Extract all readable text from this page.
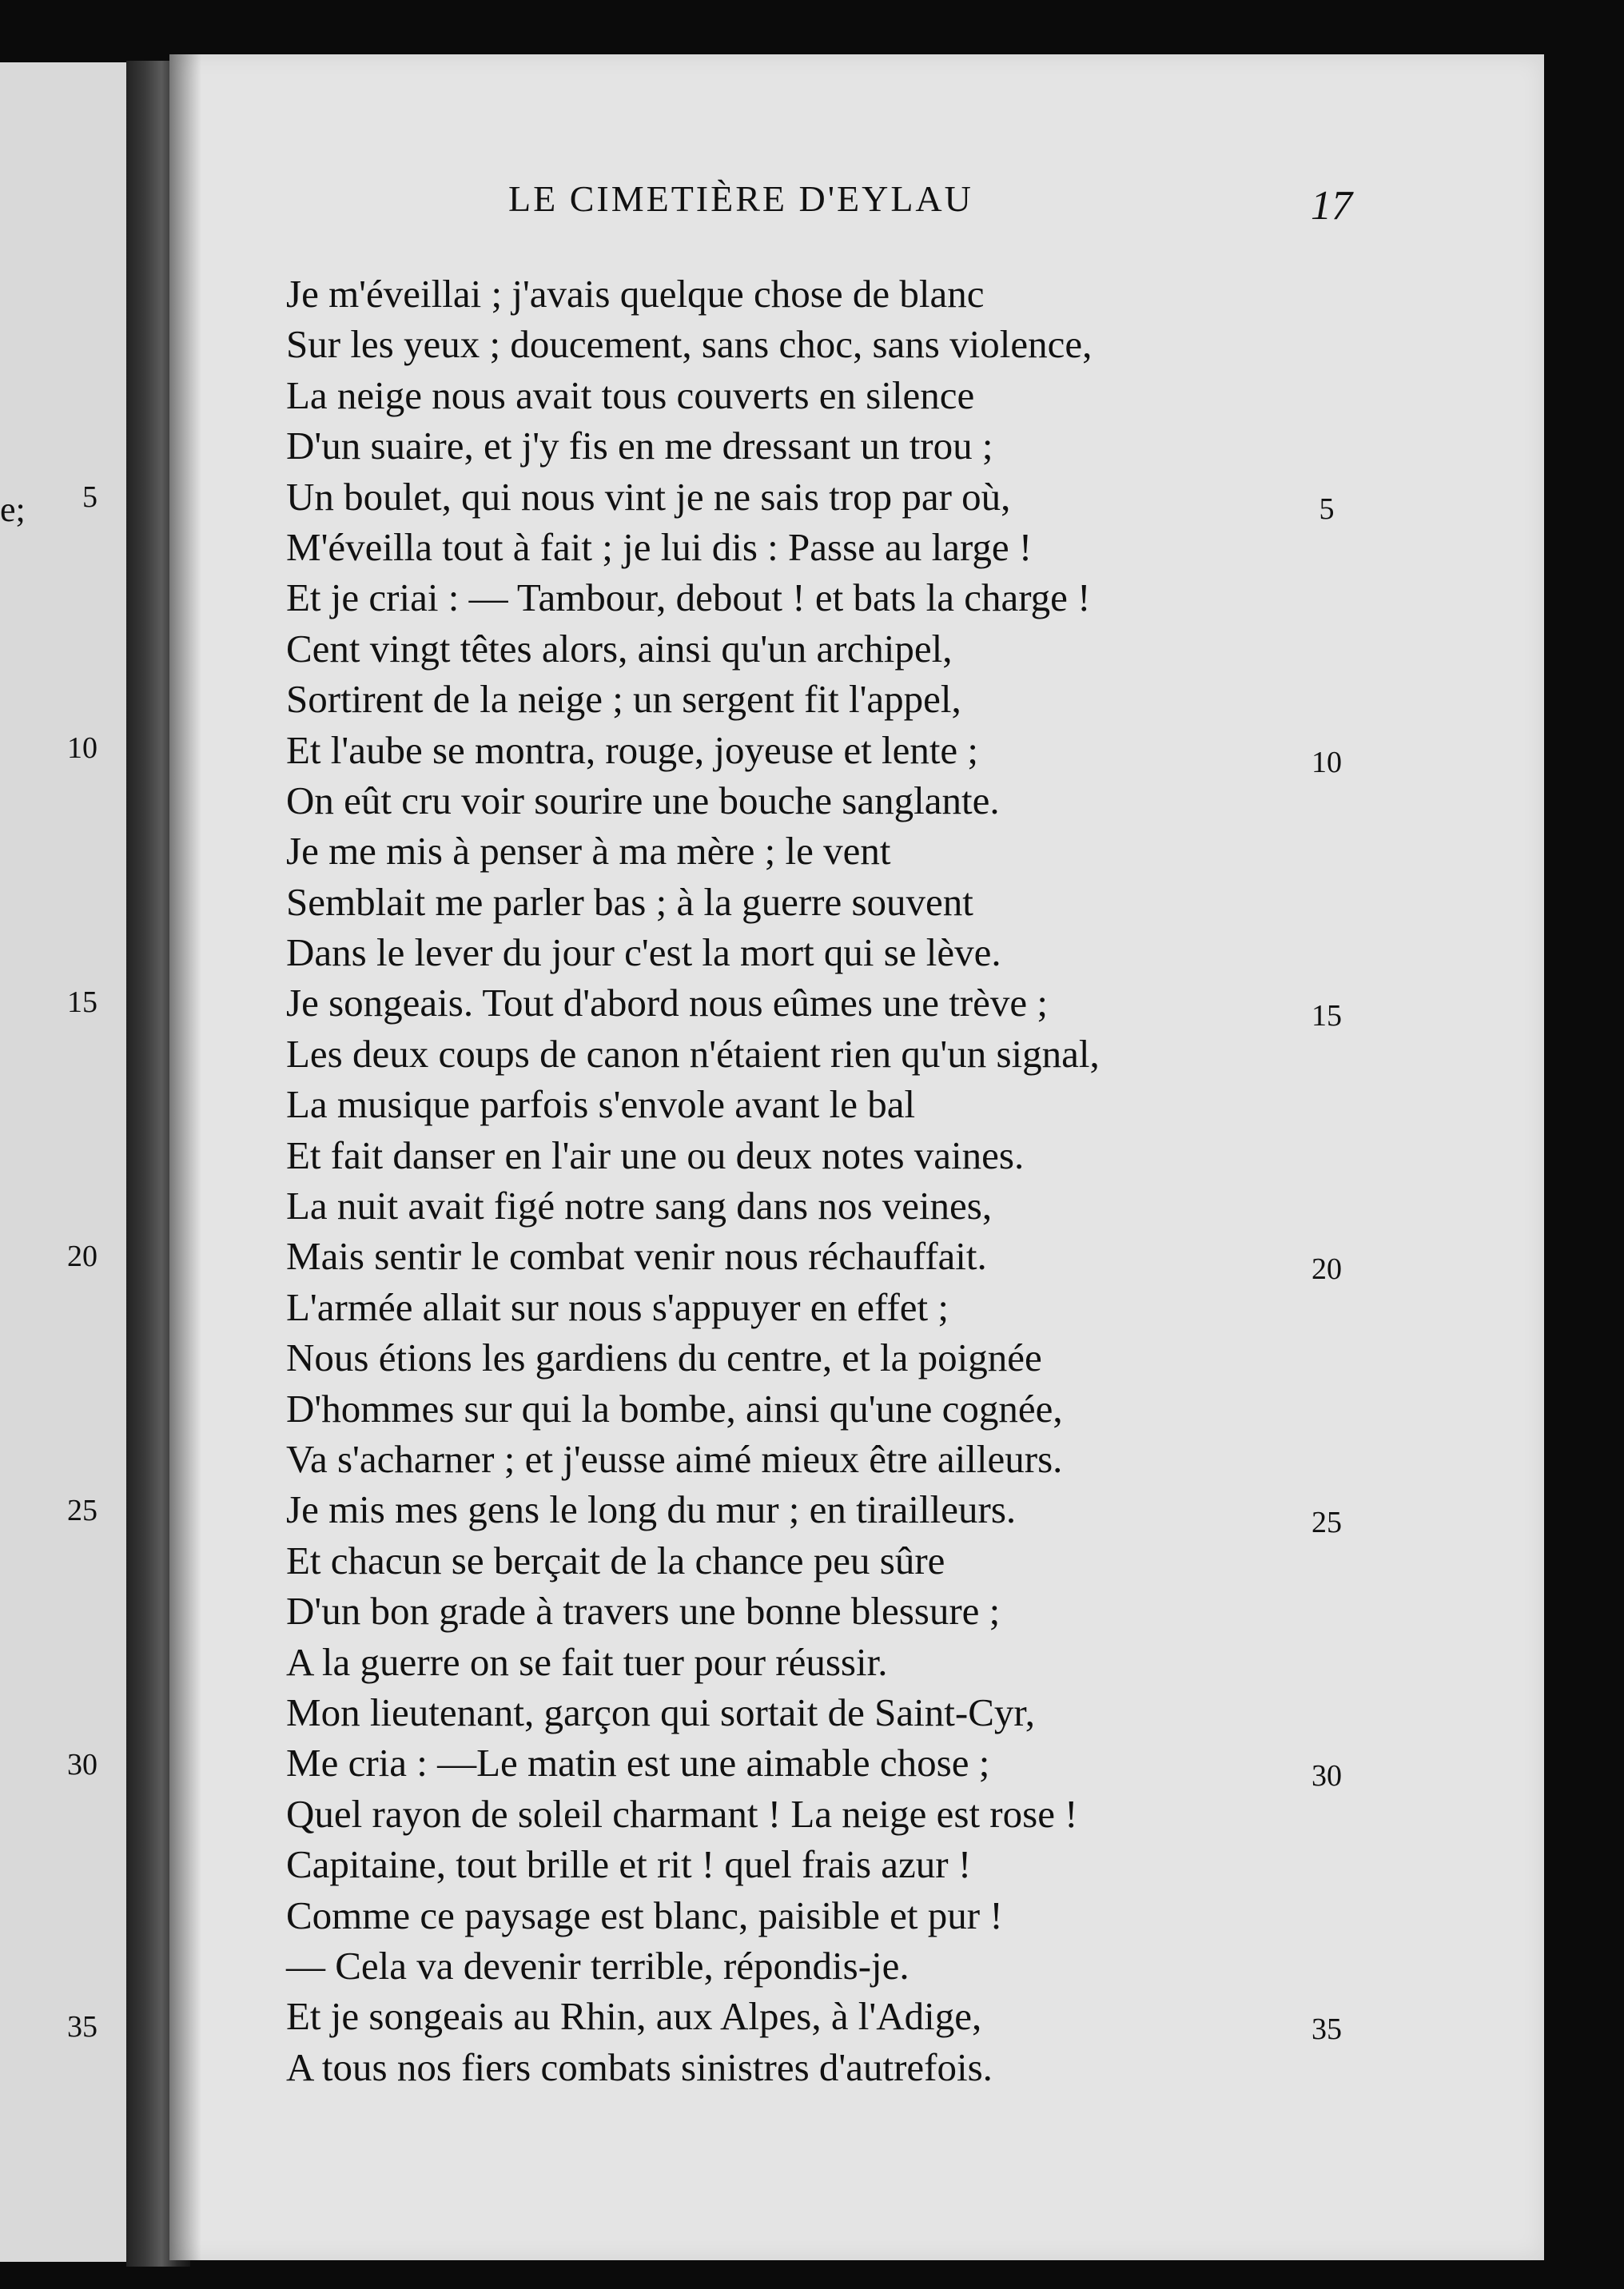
e;	5
10
15
20
25
30
35
LE CIMETIÈRE D'EYLAU	17
Je m'éveillai ; j'avais quelque chose de blanc
Sur les yeux ; doucement, sans choc, sans violence,
La neige nous avait tous couverts en silence
D'un suaire, et j'y fis en me dressant un trou ;
Un boulet, qui nous vint je ne sais trop par où,
M'éveilla tout à fait ; je lui dis : Passe au large !
Et je criai : — Tambour, debout ! et bats la charge !
Cent vingt têtes alors, ainsi qu'un archipel,
Sortirent de la neige ; un sergent fit l'appel,
Et l'aube se montra, rouge, joyeuse et lente ;
On eût cru voir sourire une bouche sanglante.
Je me mis à penser à ma mère ; le vent
Semblait me parler bas ; à la guerre souvent
Dans le lever du jour c'est la mort qui se lève.
Je songeais. Tout d'abord nous eûmes une trève ;
Les deux coups de canon n'étaient rien qu'un signal,
La musique parfois s'envole avant le bal
Et fait danser en l'air une ou deux notes vaines.
La nuit avait figé notre sang dans nos veines,
Mais sentir le combat venir nous réchauffait.
L'armée allait sur nous s'appuyer en effet ;
Nous étions les gardiens du centre, et la poignée
D'hommes sur qui la bombe, ainsi qu'une cognée,
Va s'acharner ; et j'eusse aimé mieux être ailleurs.
Je mis mes gens le long du mur ; en tirailleurs.
Et chacun se berçait de la chance peu sûre
D'un bon grade à travers une bonne blessure ;
A la guerre on se fait tuer pour réussir.
Mon lieutenant, garçon qui sortait de Saint-Cyr,
Me cria : —Le matin est une aimable chose ;
Quel rayon de soleil charmant ! La neige est rose !
Capitaine, tout brille et rit ! quel frais azur !
Comme ce paysage est blanc, paisible et pur !
— Cela va devenir terrible, répondis-je.
Et je songeais au Rhin, aux Alpes, à l'Adige,
A tous nos fiers combats sinistres d'autrefois.
5
10
15
20
25
30
35
